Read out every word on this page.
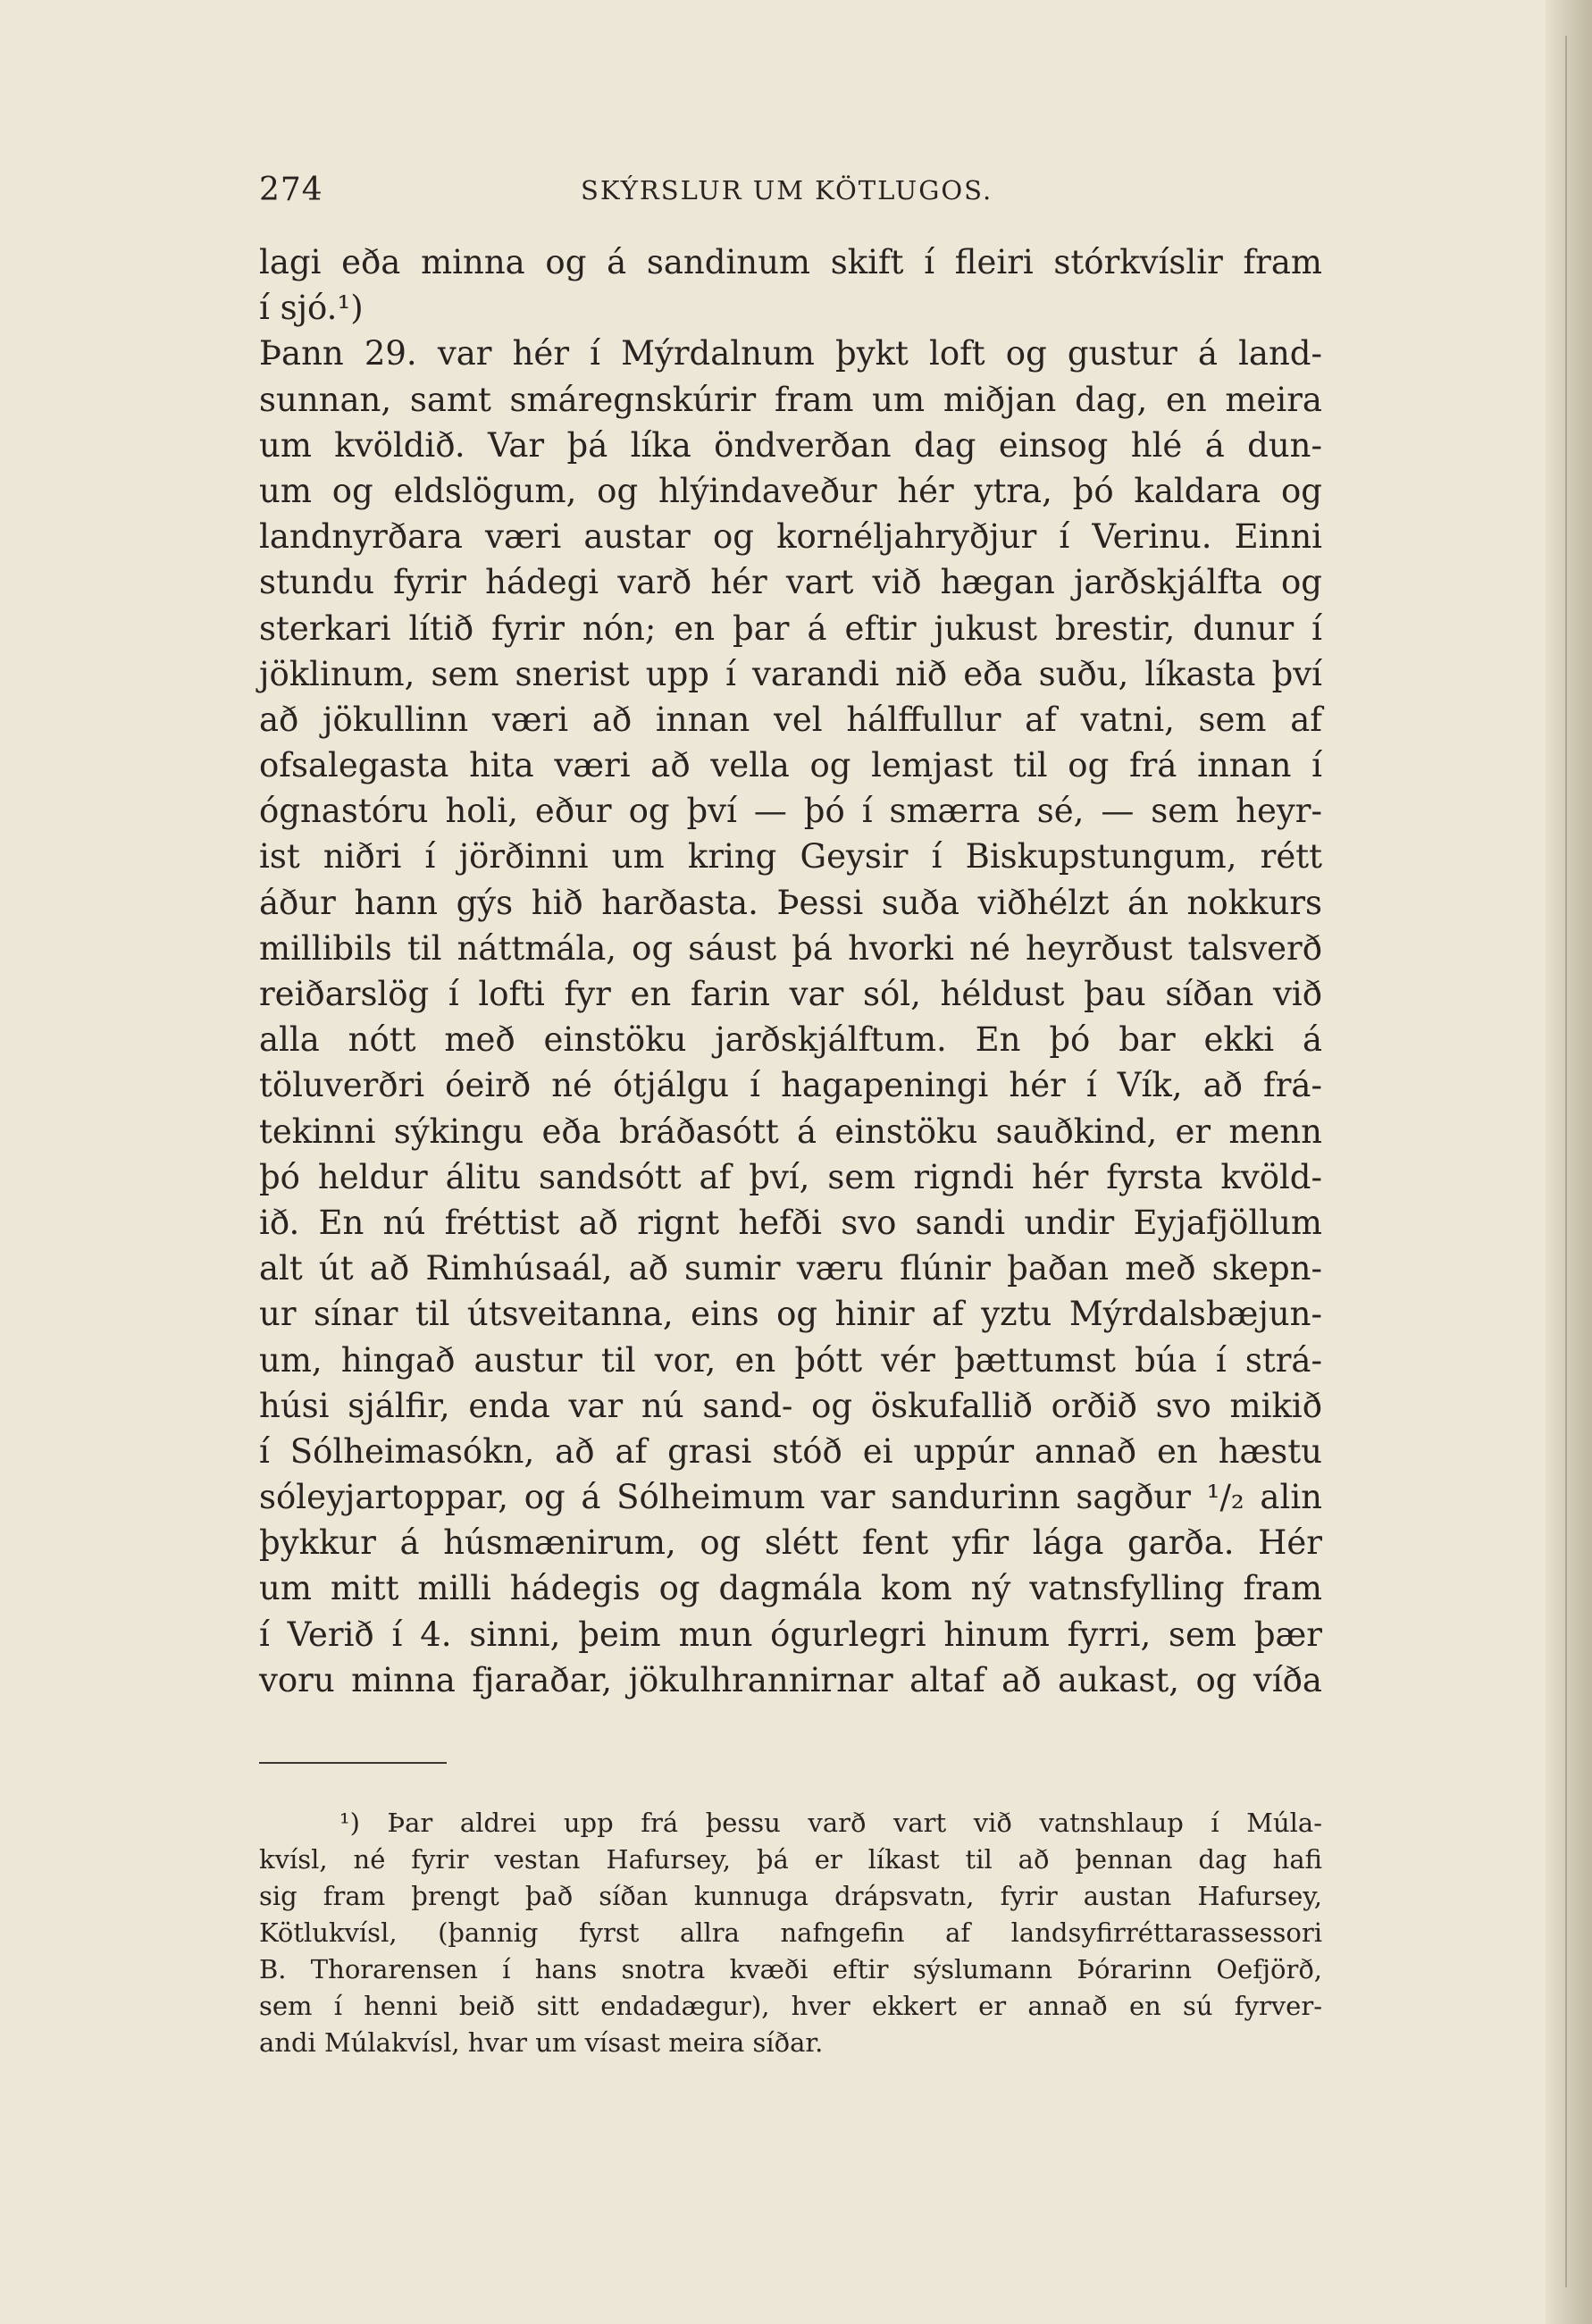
274	SKÝRSLUR UM KÖTLUGOS.
lagi eða minna og á sandinum skift í fleiri stórkvíslir fram
í sjó.¹)
Þann 29. var hér í Mýrdalnum þykt loft og gustur á land-
sunnan, samt smáregnskúrir fram um miðjan dag, en meira
um kvöldið. Var þá líka öndverðan dag einsog hlé á dun-
um og eldslögum, og hlýindaveður hér ytra, þó kaldara og
landnyrðara væri austar og kornéljahryðjur í Verinu. Einni
stundu fyrir hádegi varð hér vart við hægan jarðskjálfta og
sterkari lítið fyrir nón; en þar á eftir jukust brestir, dunur í
jöklinum, sem snerist upp í varandi nið eða suðu, líkasta því
að jökullinn væri að innan vel hálffullur af vatni, sem af
ofsalegasta hita væri að vella og lemjast til og frá innan í
ógnastóru holi, eður og því — þó í smærra sé, — sem heyr-
ist niðri í jörðinni um kring Geysir í Biskupstungum, rétt
áður hann gýs hið harðasta. Þessi suða viðhélzt án nokkurs
millibils til náttmála, og sáust þá hvorki né heyrðust talsverð
reiðarslög í lofti fyr en farin var sól, héldust þau síðan við
alla nótt með einstöku jarðskjálftum. En þó bar ekki á
töluverðri óeirð né ótjálgu í hagapeningi hér í Vík, að frá-
tekinni sýkingu eða bráðasótt á einstöku sauðkind, er menn
þó heldur álitu sandsótt af því, sem rigndi hér fyrsta kvöld-
ið. En nú fréttist að rignt hefði svo sandi undir Eyjafjöllum
alt út að Rimhúsaál, að sumir væru flúnir þaðan með skepn-
ur sínar til útsveitanna, eins og hinir af yztu Mýrdalsbæjun-
um, hingað austur til vor, en þótt vér þættumst búa í strá-
húsi sjálfir, enda var nú sand- og öskufallið orðið svo mikið
í Sólheimasókn, að af grasi stóð ei uppúr annað en hæstu
sóleyjartoppar, og á Sólheimum var sandurinn sagður ¹/₂ alin
þykkur á húsmænirum, og slétt fent yfir lága garða. Hér
um mitt milli hádegis og dagmála kom ný vatnsfylling fram
í Verið í 4. sinni, þeim mun ógurlegri hinum fyrri, sem þær
voru minna fjaraðar, jökulhrannirnar altaf að aukast, og víða
¹) Þar aldrei upp frá þessu varð vart við vatnshlaup í Múla-
kvísl, né fyrir vestan Hafursey, þá er líkast til að þennan dag hafi
sig fram þrengt það síðan kunnuga drápsvatn, fyrir austan Hafursey,
Kötlukvísl, (þannig fyrst allra nafngefin af landsyfirréttarassessori
B. Thorarensen í hans snotra kvæði eftir sýslumann Þórarinn Oefjörð,
sem í henni beið sitt endadægur), hver ekkert er annað en sú fyrver-
andi Múlakvísl, hvar um vísast meira síðar.
